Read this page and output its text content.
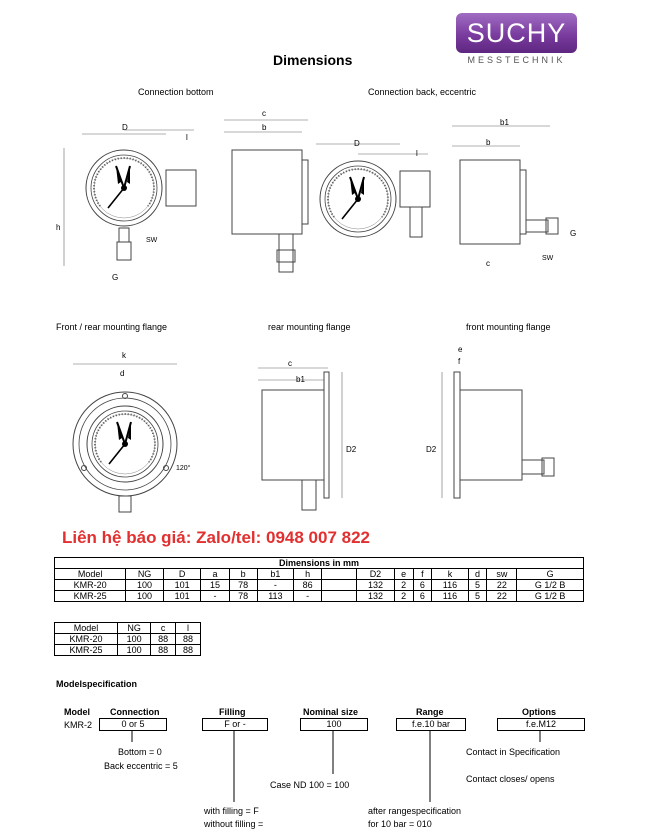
SUCHY
MESSTECHNIK
Dimensions
Connection bottom	Connection back, eccentric
Front / rear mounting flange	rear mounting flange	front mounting flange
D
l
h
SW
G
c
b
D
l
b1
b
G
SW
c
k
d
120°
c
b1
D2
e
f
D2
Liên hệ báo giá: Zalo/tel: 0948 007 822
Dimensions in mm														
Model	NG	D	a	b	b1	h		D2	e	f	k	d	sw	G
KMR-20	100	101	15	78	-	86		132	2	6	116	5	22	G 1/2 B
KMR-25	100	101	-	78	113	-		132	2	6	116	5	22	G 1/2 B
Model	NG	c	l
KMR-20	100	88	88
KMR-25	100	88	88
Modelspecification
Model
KMR-2
Connection
0 or 5
Filling
F or -
Nominal size
100
Range
f.e.10 bar
Options
f.e.M12
Bottom = 0
Back eccentric = 5
Case ND 100 = 100
with filling = F
without filling =
after rangespecification
for 10 bar = 010
Contact in Specification
Contact closes/ opens
